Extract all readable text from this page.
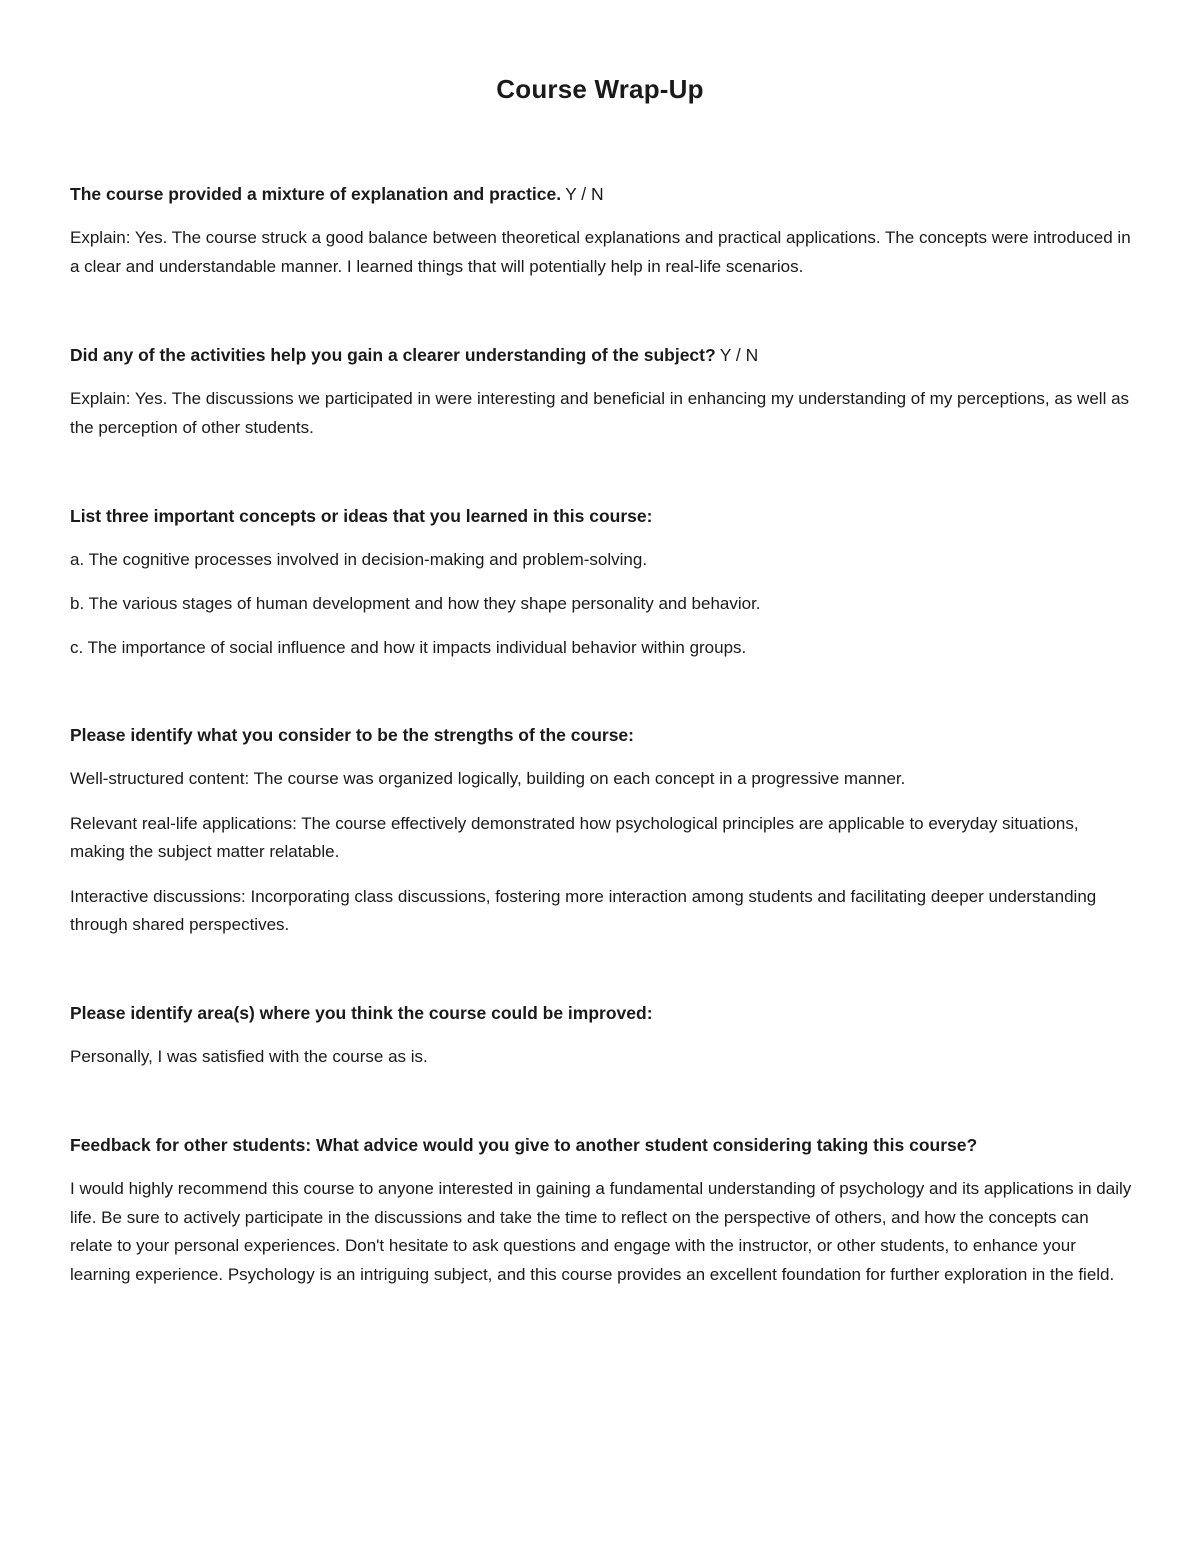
Course Wrap-Up

The course provided a mixture of explanation and practice. Y / N

Explain: Yes. The course struck a good balance between theoretical explanations and practical applications. The concepts were introduced in a clear and understandable manner. I learned things that will potentially help in real-life scenarios.

Did any of the activities help you gain a clearer understanding of the subject? Y / N

Explain: Yes. The discussions we participated in were interesting and beneficial in enhancing my understanding of my perceptions, as well as the perception of other students.

List three important concepts or ideas that you learned in this course:

a. The cognitive processes involved in decision-making and problem-solving.

b. The various stages of human development and how they shape personality and behavior.

c. The importance of social influence and how it impacts individual behavior within groups.

Please identify what you consider to be the strengths of the course:

Well-structured content: The course was organized logically, building on each concept in a progressive manner.

Relevant real-life applications: The course effectively demonstrated how psychological principles are applicable to everyday situations, making the subject matter relatable.

Interactive discussions: Incorporating class discussions, fostering more interaction among students and facilitating deeper understanding through shared perspectives.

Please identify area(s) where you think the course could be improved:

Personally, I was satisfied with the course as is.

Feedback for other students: What advice would you give to another student considering taking this course?

I would highly recommend this course to anyone interested in gaining a fundamental understanding of psychology and its applications in daily life. Be sure to actively participate in the discussions and take the time to reflect on the perspective of others, and how the concepts can relate to your personal experiences. Don't hesitate to ask questions and engage with the instructor, or other students, to enhance your learning experience. Psychology is an intriguing subject, and this course provides an excellent foundation for further exploration in the field.
